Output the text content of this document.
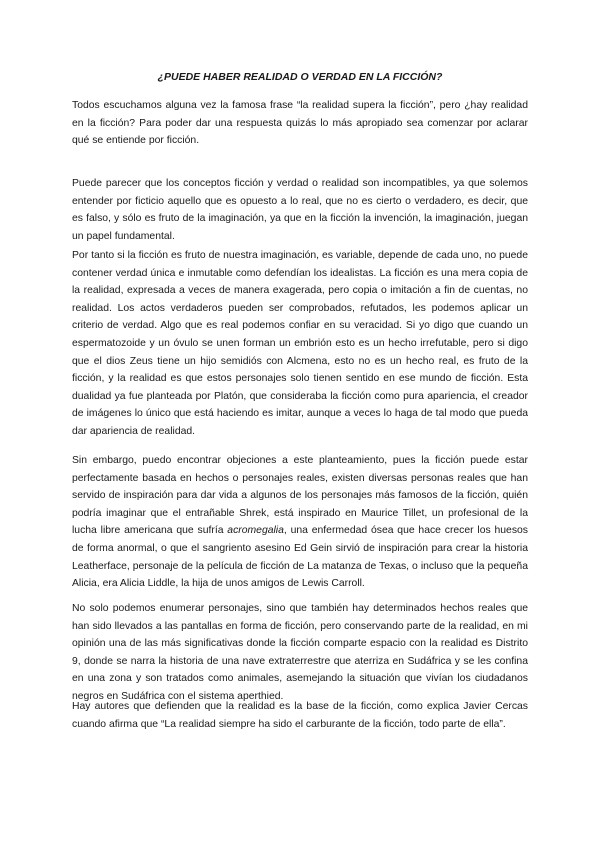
¿PUEDE HABER REALIDAD O VERDAD EN LA FICCIÓN?

Todos escuchamos alguna vez la famosa frase “la realidad supera la ficción”, pero ¿hay realidad en la ficción? Para poder dar una respuesta quizás lo más apropiado sea comenzar por aclarar qué se entiende por ficción.

Puede parecer que los conceptos ficción y verdad o realidad son incompatibles, ya que solemos entender por ficticio aquello que es opuesto a lo real, que no es cierto o verdadero, es decir, que es falso, y sólo es fruto de la imaginación, ya que en la ficción la invención, la imaginación, juegan un papel fundamental.

Por tanto si la ficción es fruto de nuestra imaginación, es variable, depende de cada uno, no puede contener verdad única e inmutable como defendían los idealistas. La ficción es una mera copia de la realidad, expresada a veces de manera exagerada, pero copia o imitación a fin de cuentas, no realidad. Los actos verdaderos pueden ser comprobados, refutados, les podemos aplicar un criterio de verdad. Algo que es real podemos confiar en su veracidad. Si yo digo que cuando un espermatozoide y un óvulo se unen forman un embrión esto es un hecho irrefutable, pero si digo que el dios Zeus tiene un hijo semidiós con Alcmena, esto no es un hecho real, es fruto de la ficción, y la realidad es que estos personajes solo tienen sentido en ese mundo de ficción. Esta dualidad ya fue planteada por Platón, que consideraba la ficción como pura apariencia, el creador de imágenes lo único que está haciendo es imitar, aunque a veces lo haga de tal modo que pueda dar apariencia de realidad.

Sin embargo, puedo encontrar objeciones a este planteamiento, pues la ficción puede estar perfectamente basada en hechos o personajes reales, existen diversas personas reales que han servido de inspiración para dar vida a algunos de los personajes más famosos de la ficción, quién podría imaginar que el entrañable Shrek, está inspirado en Maurice Tillet, un profesional de la lucha libre americana que sufría acromegalia, una enfermedad ósea que hace crecer los huesos de forma anormal, o que el sangriento asesino Ed Gein sirvió de inspiración para crear la historia Leatherface, personaje de la película de ficción de La matanza de Texas, o incluso que la pequeña Alicia, era Alicia Liddle, la hija de unos amigos de Lewis Carroll.

No solo podemos enumerar personajes, sino que también hay determinados hechos reales que han sido llevados a las pantallas en forma de ficción, pero conservando parte de la realidad, en mi opinión una de las más significativas donde la ficción comparte espacio con la realidad es Distrito 9, donde se narra la historia de una nave extraterrestre que aterriza en Sudáfrica y se les confina en una zona y son tratados como animales, asemejando la situación que vivían los ciudadanos negros en Sudáfrica con el sistema aperthied.

Hay autores que defienden que la realidad es la base de la ficción, como explica Javier Cercas cuando afirma que “La realidad siempre ha sido el carburante de la ficción, todo parte de ella”.
